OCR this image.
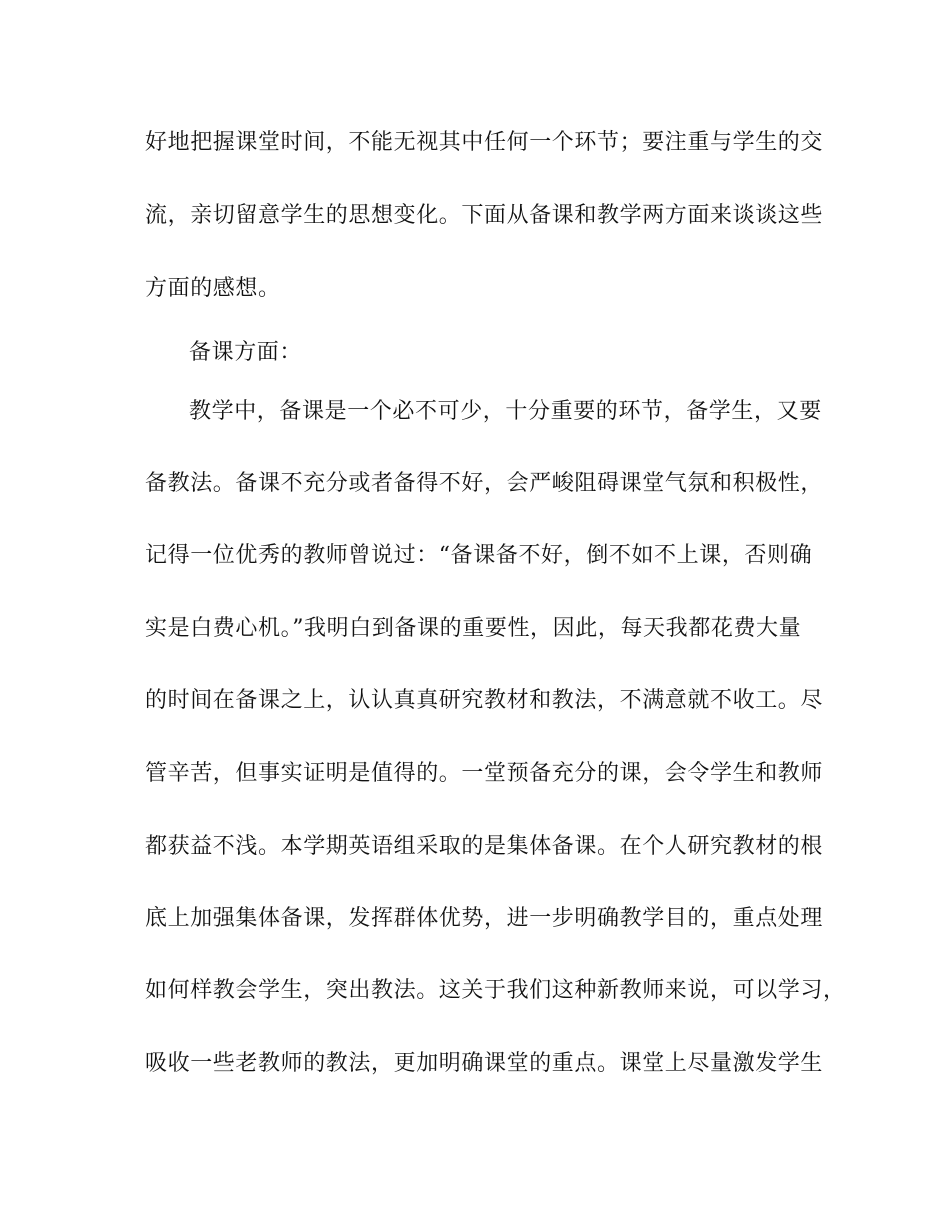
好地把握课堂时间，不能无视其中任何一个环节；要注重与学生的交
流，亲切留意学生的思想变化。下面从备课和教学两方面来谈谈这些
方面的感想。
备课方面：
教学中，备课是一个必不可少，十分重要的环节，备学生，又要
备教法。备课不充分或者备得不好，会严峻阻碍课堂气氛和积极性，
记得一位优秀的教师曾说过：“备课备不好，倒不如不上课，否则确
实是白费心机。”我明白到备课的重要性，因此，每天我都花费大量
的时间在备课之上，认认真真研究教材和教法，不满意就不收工。尽
管辛苦，但事实证明是值得的。一堂预备充分的课，会令学生和教师
都获益不浅。本学期英语组采取的是集体备课。在个人研究教材的根
底上加强集体备课，发挥群体优势，进一步明确教学目的，重点处理
如何样教会学生，突出教法。这关于我们这种新教师来说，可以学习，
吸收一些老教师的教法，更加明确课堂的重点。课堂上尽量激发学生
